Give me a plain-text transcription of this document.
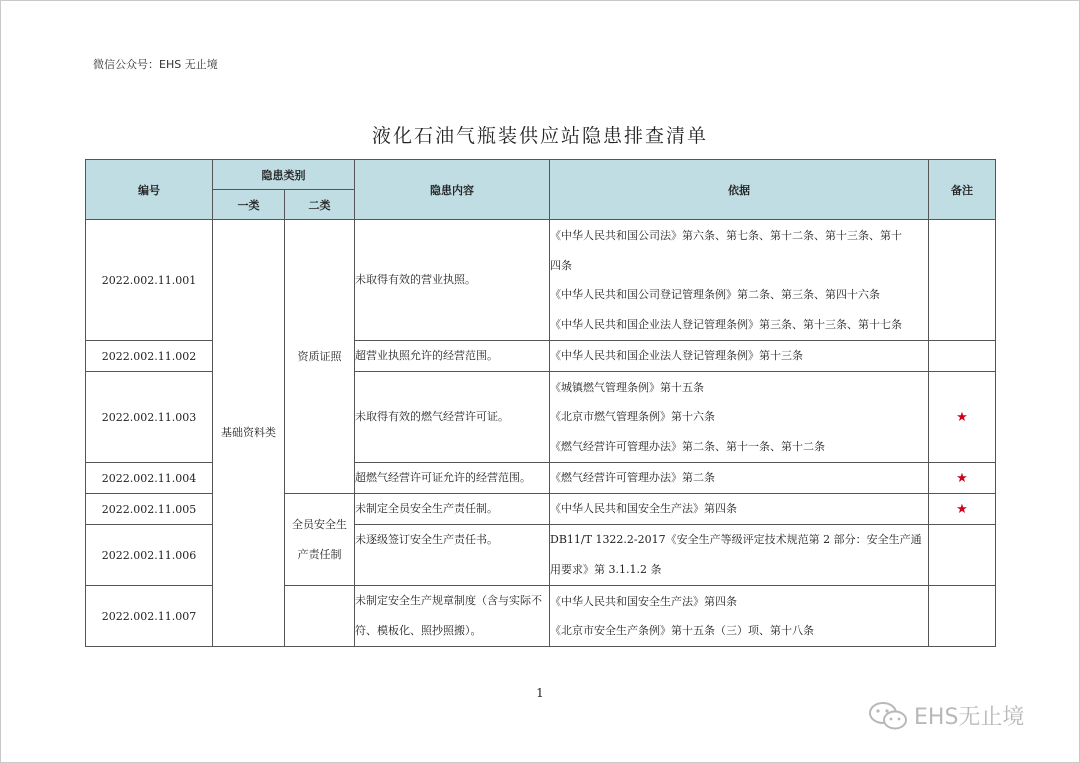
微信公众号：EHS 无止境
液化石油气瓶装供应站隐患排查清单
编号	隐患类别		隐患内容	依据	备注
	一类	二类			
2022.002.11.001	基础资料类	资质证照	未取得有效的营业执照。	《中华人民共和国公司法》第六条、第七条、第十二条、第十三条、第十
四条
《中华人民共和国公司登记管理条例》第二条、第三条、第四十六条
《中华人民共和国企业法人登记管理条例》第三条、第十三条、第十七条	

2022.002.11.002			超营业执照允许的经营范围。	《中华人民共和国企业法人登记管理条例》第十三条	

2022.002.11.003			未取得有效的燃气经营许可证。	《城镇燃气管理条例》第十五条
《北京市燃气管理条例》第十六条
《燃气经营许可管理办法》第二条、第十一条、第十二条	★
2022.002.11.004			超燃气经营许可证允许的经营范围。	《燃气经营许可管理办法》第二条	★
2022.002.11.005		全员安全生产责任制	未制定全员安全生产责任制。	《中华人民共和国安全生产法》第四条	★
2022.002.11.006			未逐级签订安全生产责任书。	DB11/T 1322.2-2017《安全生产等级评定技术规范第 2 部分：安全生产通
用要求》第 3.1.1.2 条	

2022.002.11.007			未制定安全生产规章制度（含与实际不符、模板化、照抄照搬）。	《中华人民共和国安全生产法》第四条
《北京市安全生产条例》第十五条（三）项、第十八条	

1
EHS无止境
